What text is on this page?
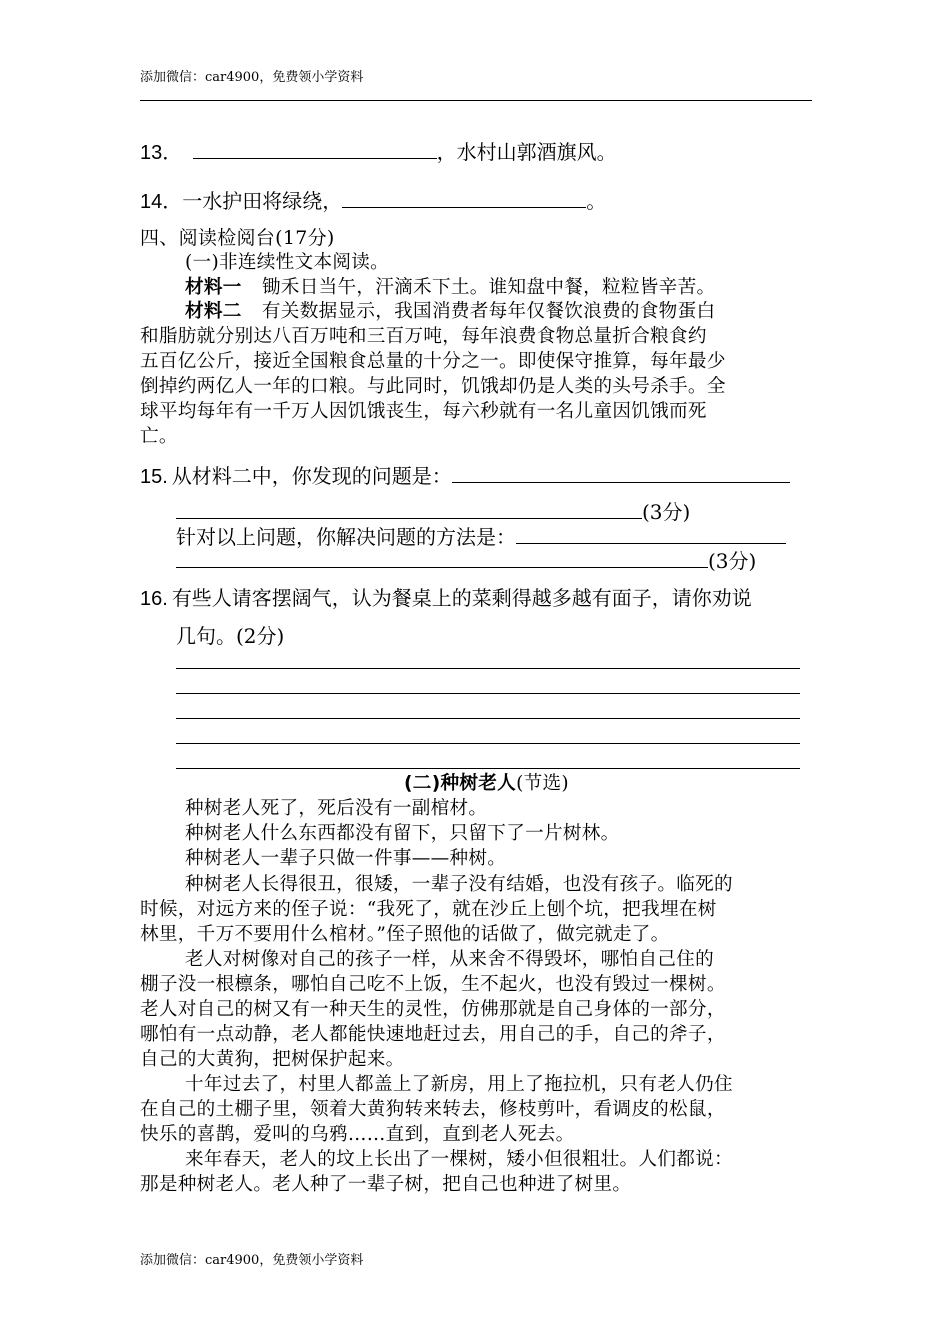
添加微信：car4900，免费领小学资料
13．	，水村山郭酒旗风。
14．一水护田将绿绕，	。
四、阅读检阅台(17分)
(一)非连续性文本阅读。
材料一 锄禾日当午，汗滴禾下土。谁知盘中餐，粒粒皆辛苦。
材料二 有关数据显示，我国消费者每年仅餐饮浪费的食物蛋白
和脂肪就分别达八百万吨和三百万吨，每年浪费食物总量折合粮食约
五百亿公斤，接近全国粮食总量的十分之一。即使保守推算，每年最少
倒掉约两亿人一年的口粮。与此同时，饥饿却仍是人类的头号杀手。全
球平均每年有一千万人因饥饿丧生，每六秒就有一名儿童因饥饿而死
亡。
15. 从材料二中，你发现的问题是：
(3分)
针对以上问题，你解决问题的方法是：
(3分)
16. 有些人请客摆阔气，认为餐桌上的菜剩得越多越有面子，请你劝说
几句。(2分)
(二)种树老人(节选)
种树老人死了，死后没有一副棺材。
种树老人什么东西都没有留下，只留下了一片树林。
种树老人一辈子只做一件事——种树。
种树老人长得很丑，很矮，一辈子没有结婚，也没有孩子。临死的
时候，对远方来的侄子说：“我死了，就在沙丘上刨个坑，把我埋在树
林里，千万不要用什么棺材。”侄子照他的话做了，做完就走了。
老人对树像对自己的孩子一样，从来舍不得毁坏，哪怕自己住的
棚子没一根檩条，哪怕自己吃不上饭，生不起火，也没有毁过一棵树。
老人对自己的树又有一种天生的灵性，仿佛那就是自己身体的一部分，
哪怕有一点动静，老人都能快速地赶过去，用自己的手，自己的斧子，
自己的大黄狗，把树保护起来。
十年过去了，村里人都盖上了新房，用上了拖拉机，只有老人仍住
在自己的土棚子里，领着大黄狗转来转去，修枝剪叶，看调皮的松鼠，
快乐的喜鹊，爱叫的乌鸦……直到，直到老人死去。
来年春天，老人的坟上长出了一棵树，矮小但很粗壮。人们都说：
那是种树老人。老人种了一辈子树，把自己也种进了树里。
添加微信：car4900，免费领小学资料
